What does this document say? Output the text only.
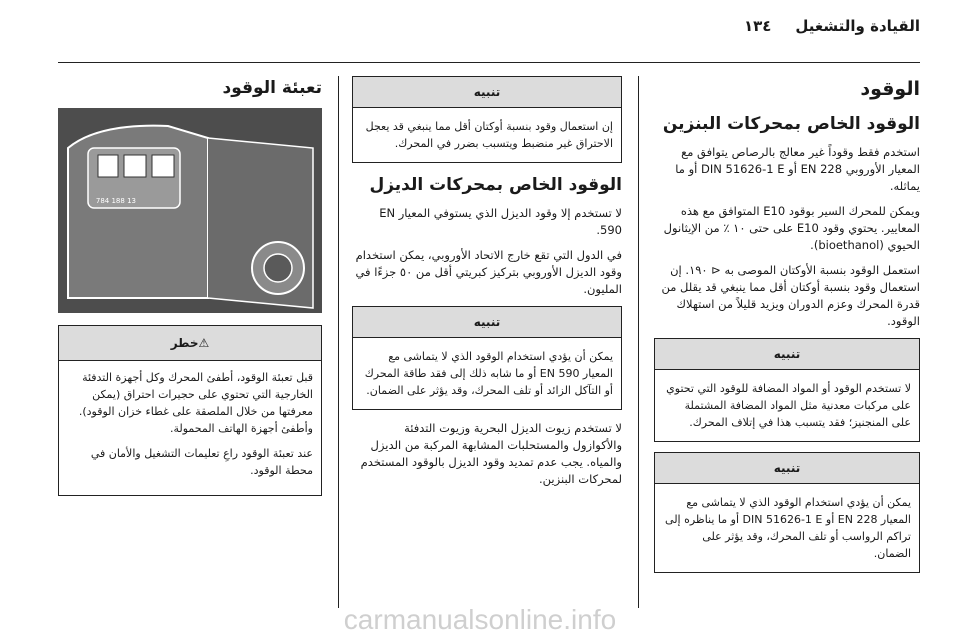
القيادة والتشغيل
١٣٤
الوقود
الوقود الخاص بمحركات البنزين

استخدم فقط وقوداً غير معالج بالرصاص يتوافق مع المعيار الأوروبي EN 228 أو DIN 51626-1 E أو ما يماثله.

ويمكن للمحرك السير بوقود E10 المتوافق مع هذه المعايير. يحتوي وقود E10 على حتى ١٠ ٪ من الإيثانول الحيوي (bioethanol).

استعمل الوقود بنسبة الأوكتان الموصى به ⊲ ١٩٠. إن استعمال وقود بنسبة أوكتان أقل مما ينبغي قد يقلل من قدرة المحرك وعزم الدوران ويزيد قليلاً من استهلاك الوقود.

تنبيه

لا تستخدم الوقود أو المواد المضافة للوقود التي تحتوي على مركبات معدنية مثل المواد المضافة المشتملة على المنجنيز؛ فقد يتسبب هذا في إتلاف المحرك.

تنبيه

يمكن أن يؤدي استخدام الوقود الذي لا يتماشى مع المعيار EN 228 أو DIN 51626-1 E أو ما يناظره إلى تراكم الرواسب أو تلف المحرك، وقد يؤثر على الضمان.

تنبيه

إن استعمال وقود بنسبة أوكتان أقل مما ينبغي قد يعجل الاحتراق غير منضبط ويتسبب بضرر في المحرك.

الوقود الخاص بمحركات الديزل

لا تستخدم إلا وقود الديزل الذي يستوفي المعيار EN 590.

في الدول التي تقع خارج الاتحاد الأوروبي، يمكن استخدام وقود الديزل الأوروبي بتركيز كبريتي أقل من ٥٠ جزءًا في المليون.

تنبيه

يمكن أن يؤدي استخدام الوقود الذي لا يتماشى مع المعيار EN 590 أو ما شابه ذلك إلى فقد طاقة المحرك أو التآكل الزائد أو تلف المحرك، وقد يؤثر على الضمان.

لا تستخدم زيوت الديزل البحرية وزيوت التدفئة والأكوازول والمستحلبات المشابهة المركبة من الديزل والمياه. يجب عدم تمديد وقود الديزل بالوقود المستخدم لمحركات البنزين.

تعبئة الوقود
13 188 784
⚠خطر

قبل تعبئة الوقود، أطفئ المحرك وكل أجهزة التدفئة الخارجية التي تحتوي على حجيرات احتراق (يمكن معرفتها من خلال الملصقة على غطاء خزان الوقود). وأطفئ أجهزة الهاتف المحمولة.

عند تعبئة الوقود راعِ تعليمات التشغيل والأمان في محطة الوقود.

carmanualsonline.info
